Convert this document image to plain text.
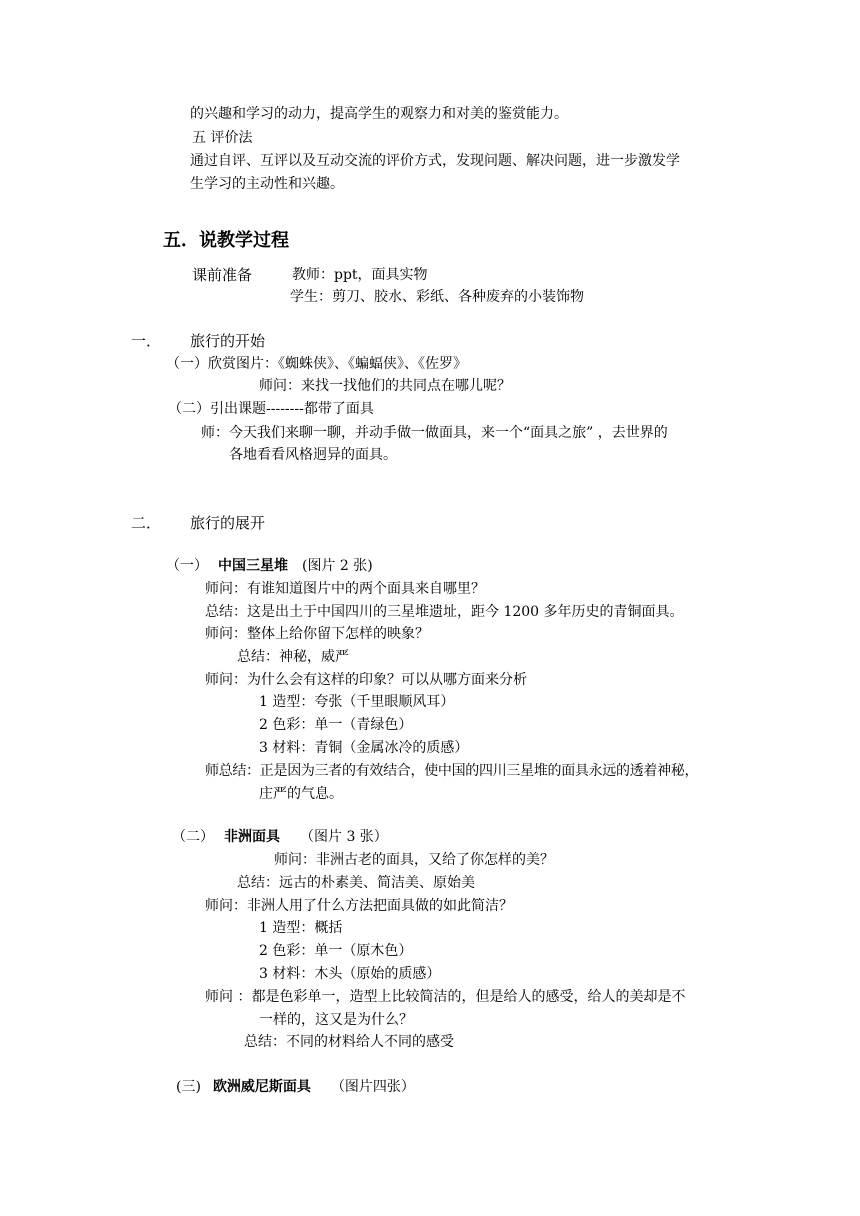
的兴趣和学习的动力，提高学生的观察力和对美的鉴赏能力。
五 评价法
通过自评、互评以及互动交流的评价方式，发现问题、解决问题，进一步激发学
生学习的主动性和兴趣。
五．说教学过程
课前准备	教师：ppt，面具实物
学生：剪刀、胶水、彩纸、各种废弃的小装饰物
一． 旅行的开始
（一）欣赏图片：《蜘蛛侠》、《蝙蝠侠》、《佐罗》
师问：来找一找他们的共同点在哪儿呢？
（二）引出课题--------都带了面具
师：今天我们来聊一聊，并动手做一做面具，来一个“面具之旅” ，去世界的
各地看看风格迥异的面具。
二． 旅行的展开
（一） 中国三星堆 (图片 2 张)
师问：有谁知道图片中的两个面具来自哪里？
总结：这是出土于中国四川的三星堆遗址，距今 1200 多年历史的青铜面具。
师问：整体上给你留下怎样的映象？
总结：神秘，威严
师问：为什么会有这样的印象？可以从哪方面来分析
1 造型：夸张（千里眼顺风耳）
2 色彩：单一（青绿色）
3 材料：青铜（金属冰冷的质感）
师总结：正是因为三者的有效结合，使中国的四川三星堆的面具永远的透着神秘，
庄严的气息。
（二） 非洲面具 （图片 3 张）
师问：非洲古老的面具，又给了你怎样的美？
总结：远古的朴素美、简洁美、原始美
师问：非洲人用了什么方法把面具做的如此简洁？
1 造型：概括
2 色彩：单一（原木色）
3 材料：木头（原始的质感）
师问 ：都是色彩单一，造型上比较简洁的，但是给人的感受，给人的美却是不
一样的，这又是为什么？
总结：不同的材料给人不同的感受
(三) 欧洲威尼斯面具 （图片四张）
